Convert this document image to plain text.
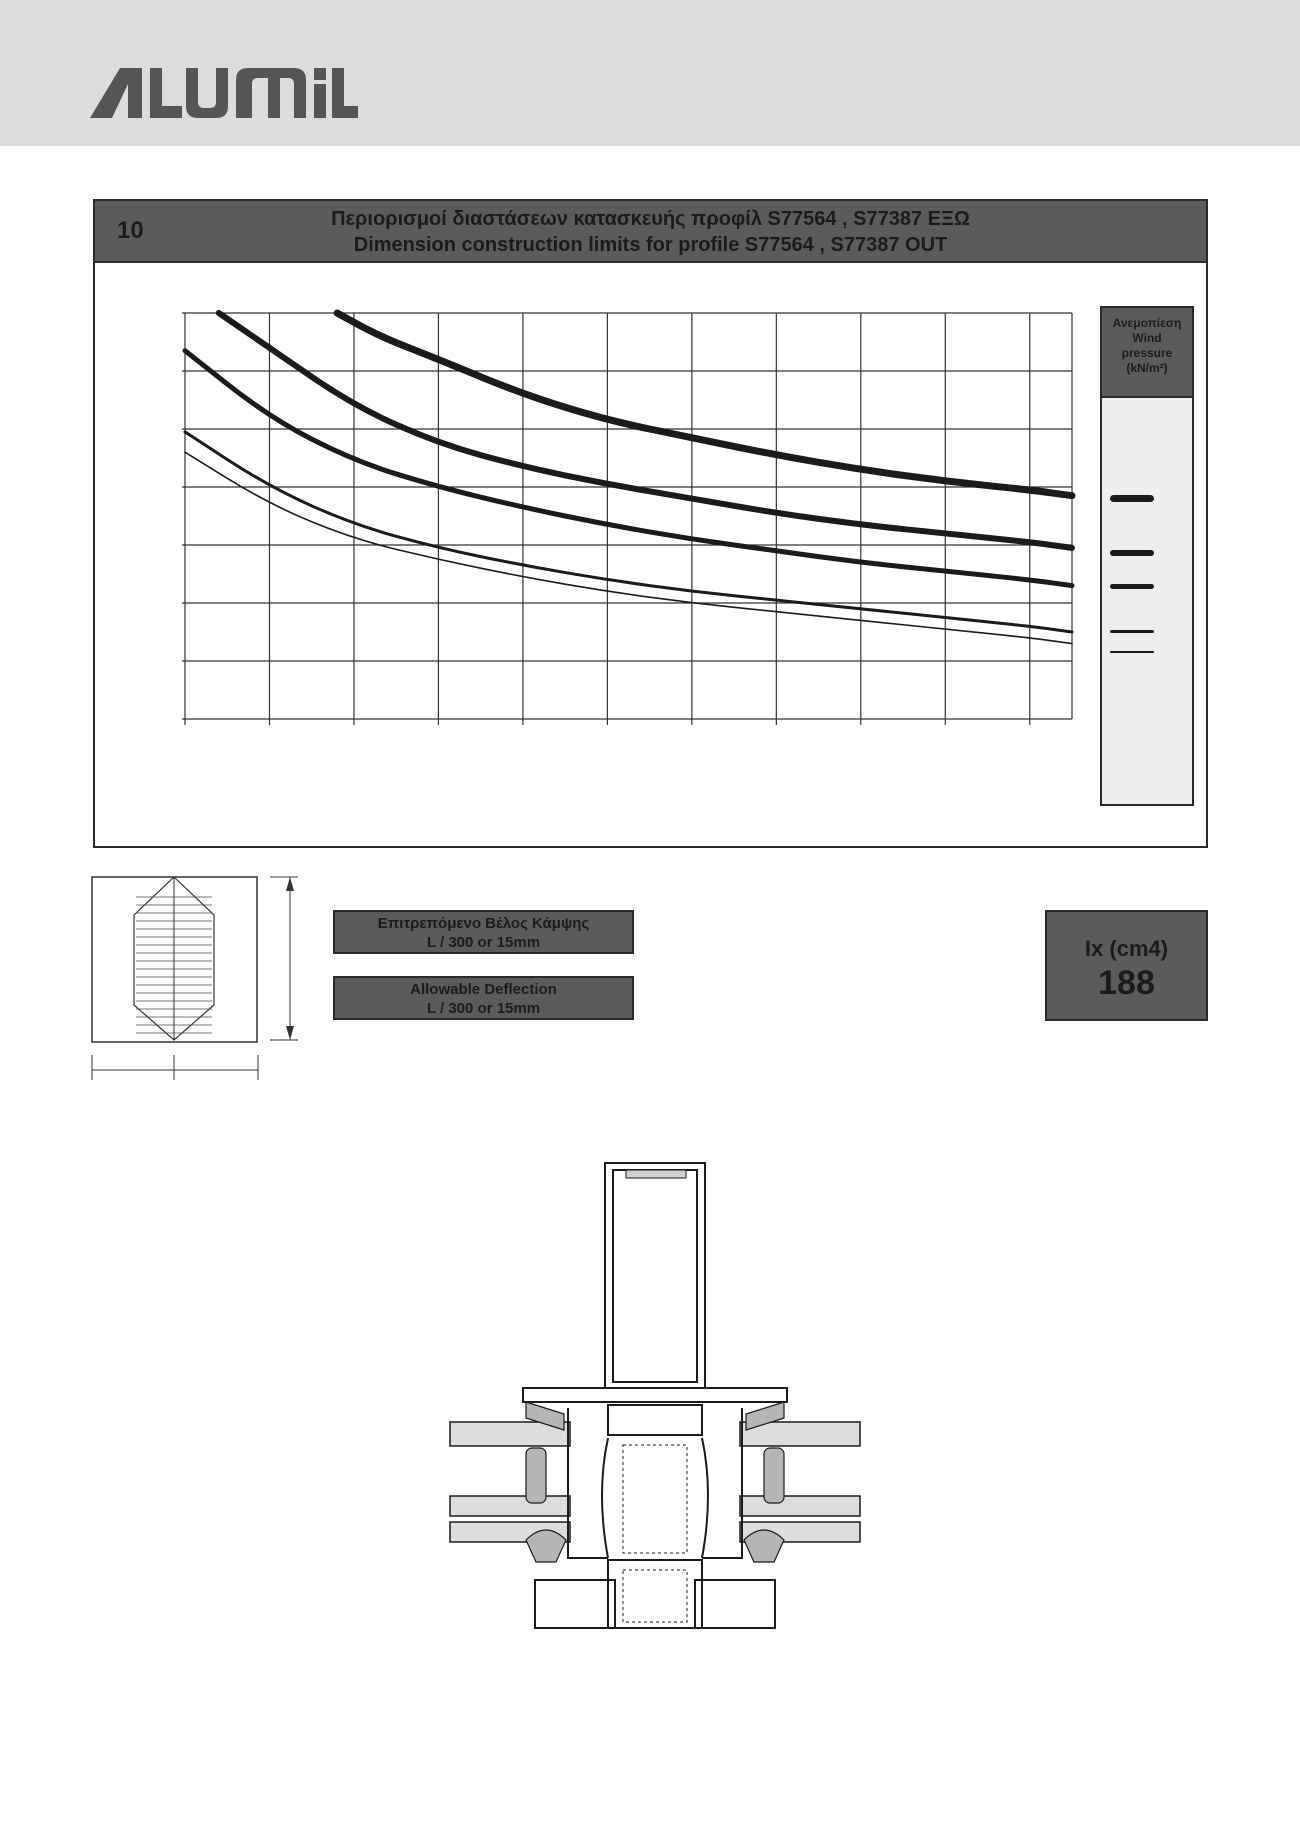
10	Περιορισμοί διαστάσεων κατασκευής προφίλ S77564 , S77387 ΕΞΩ
Dimension construction limits for profile S77564 , S77387 OUT
Ανεμοπίεση
Wind
pressure
(kN/m²)
Επιτρεπόμενο Βέλος Κάμψης
L / 300 or 15mm
Allowable Deflection
L / 300 or 15mm
Ix (cm4)
188
